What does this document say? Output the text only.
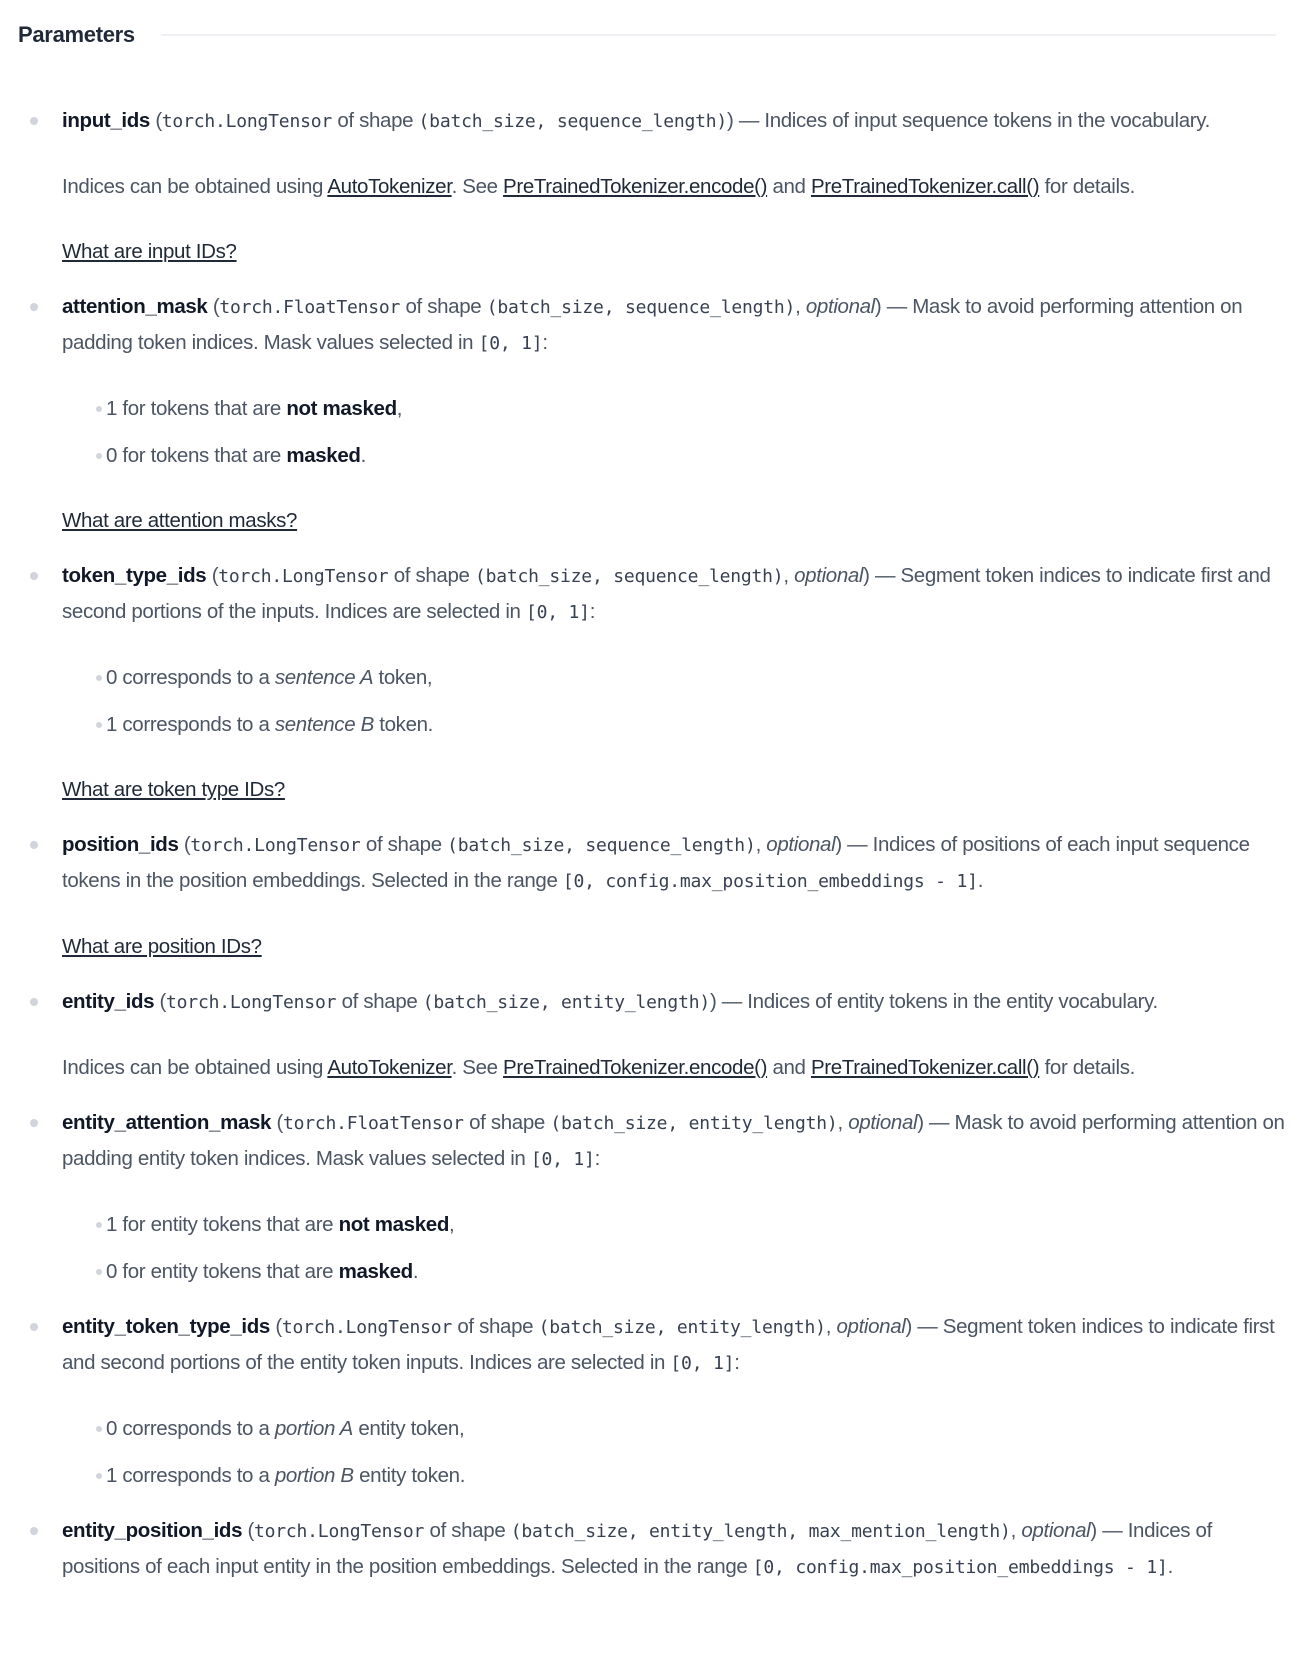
Parameters

input_ids (torch.LongTensor of shape (batch_size, sequence_length)) — Indices of input sequence tokens in the vocabulary.

Indices can be obtained using AutoTokenizer. See PreTrainedTokenizer.encode() and PreTrainedTokenizer.call() for details.

What are input IDs?

attention_mask (torch.FloatTensor of shape (batch_size, sequence_length), optional) — Mask to avoid performing attention on padding token indices. Mask values selected in [0, 1]:

1 for tokens that are not masked,
0 for tokens that are masked.

What are attention masks?

token_type_ids (torch.LongTensor of shape (batch_size, sequence_length), optional) — Segment token indices to indicate first and second portions of the inputs. Indices are selected in [0, 1]:

0 corresponds to a sentence A token,
1 corresponds to a sentence B token.

What are token type IDs?

position_ids (torch.LongTensor of shape (batch_size, sequence_length), optional) — Indices of positions of each input sequence tokens in the position embeddings. Selected in the range [0, config.max_position_embeddings - 1].

What are position IDs?

entity_ids (torch.LongTensor of shape (batch_size, entity_length)) — Indices of entity tokens in the entity vocabulary.

Indices can be obtained using AutoTokenizer. See PreTrainedTokenizer.encode() and PreTrainedTokenizer.call() for details.

entity_attention_mask (torch.FloatTensor of shape (batch_size, entity_length), optional) — Mask to avoid performing attention on padding entity token indices. Mask values selected in [0, 1]:

1 for entity tokens that are not masked,
0 for entity tokens that are masked.

entity_token_type_ids (torch.LongTensor of shape (batch_size, entity_length), optional) — Segment token indices to indicate first and second portions of the entity token inputs. Indices are selected in [0, 1]:

0 corresponds to a portion A entity token,
1 corresponds to a portion B entity token.

entity_position_ids (torch.LongTensor of shape (batch_size, entity_length, max_mention_length), optional) — Indices of positions of each input entity in the position embeddings. Selected in the range [0, config.max_position_embeddings - 1].
